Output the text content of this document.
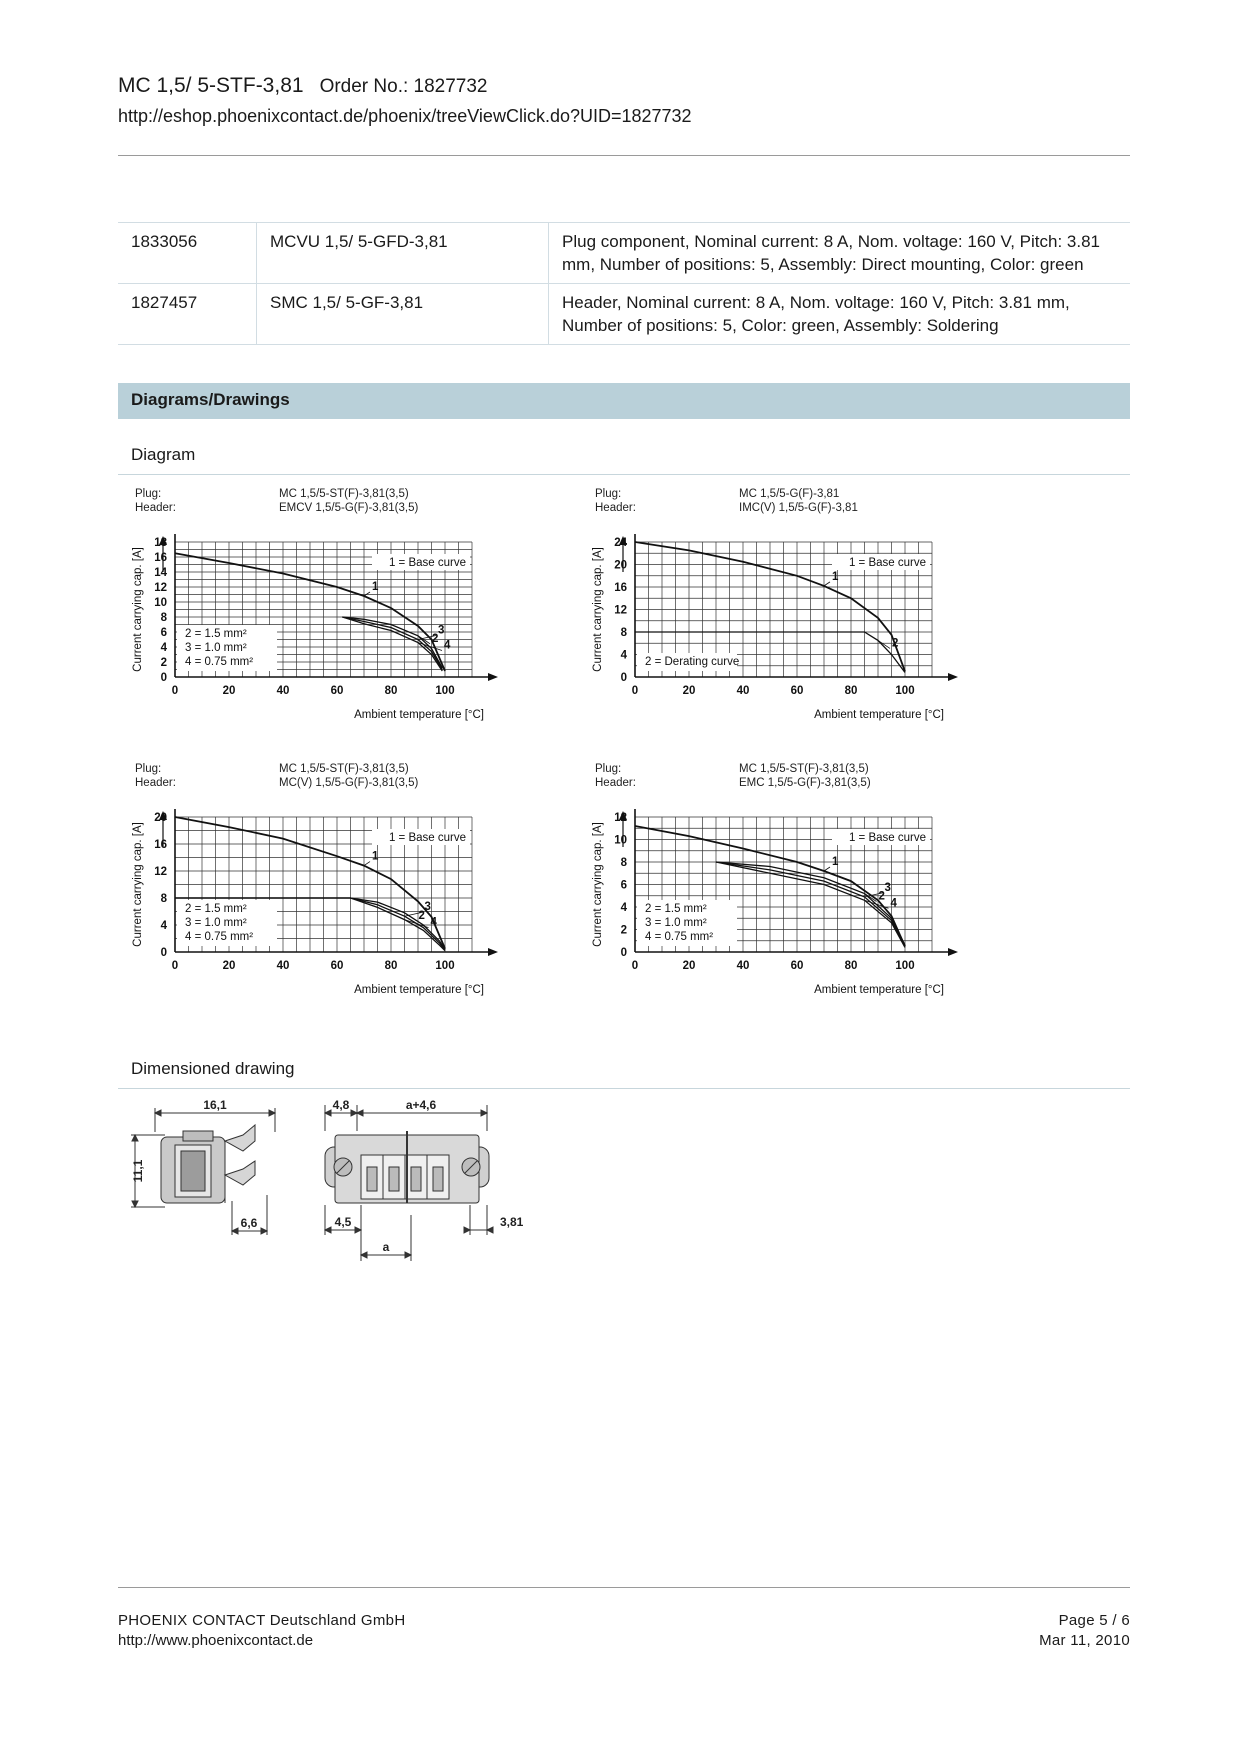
MC 1,5/ 5-STF-3,81 Order No.: 1827732
http://eshop.phoenixcontact.de/phoenix/treeViewClick.do?UID=1827732
1833056	MCVU 1,5/ 5-GFD-3,81	Plug component, Nominal current: 8 A, Nom. voltage: 160 V, Pitch: 3.81 mm, Number of positions: 5, Assembly: Direct mounting, Color: green
1827457	SMC 1,5/ 5-GF-3,81	Header, Nominal current: 8 A, Nom. voltage: 160 V, Pitch: 3.81 mm, Number of positions: 5, Color: green, Assembly: Soldering
Diagrams/Drawings
Diagram
Plug:
Header:
MC 1,5/5-ST(F)-3,81(3,5)
EMCV 1,5/5-G(F)-3,81(3,5)
0	20	40	60	80	100
0
2
4
6
8
10
12
14
16
18
Ambient temperature [°C]
Current carrying cap. [A]	1 = Base curve
2 = 1.5 mm²
3 = 1.0 mm²
4 = 0.75 mm²
1
2
3
4
Plug:
Header:
MC 1,5/5-G(F)-3,81
IMC(V) 1,5/5-G(F)-3,81
0	20	40	60	80	100
0
4
8
12
16
20
24
Ambient temperature [°C]
Current carrying cap. [A]	1 = Base curve
2 = Derating curve
1
2
Plug:
Header:
MC 1,5/5-ST(F)-3,81(3,5)
MC(V) 1,5/5-G(F)-3,81(3,5)
0	20	40	60	80	100
0
4
8
12
16
20
Ambient temperature [°C]
Current carrying cap. [A]	1 = Base curve
2 = 1.5 mm²
3 = 1.0 mm²
4 = 0.75 mm²
1
2
3
4
Plug:
Header:
MC 1,5/5-ST(F)-3,81(3,5)
EMC 1,5/5-G(F)-3,81(3,5)
0	20	40	60	80	100
0
2
4
6
8
10
12
Ambient temperature [°C]
Current carrying cap. [A]	1 = Base curve
2 = 1.5 mm²
3 = 1.0 mm²
4 = 0.75 mm²
1
2
3
4
Dimensioned drawing
16,1
11,1
6,6
4,8	a+4,6
4,5	3,81
a
PHOENIX CONTACT Deutschland GmbH
http://www.phoenixcontact.de
Page 5 / 6
Mar 11, 2010
